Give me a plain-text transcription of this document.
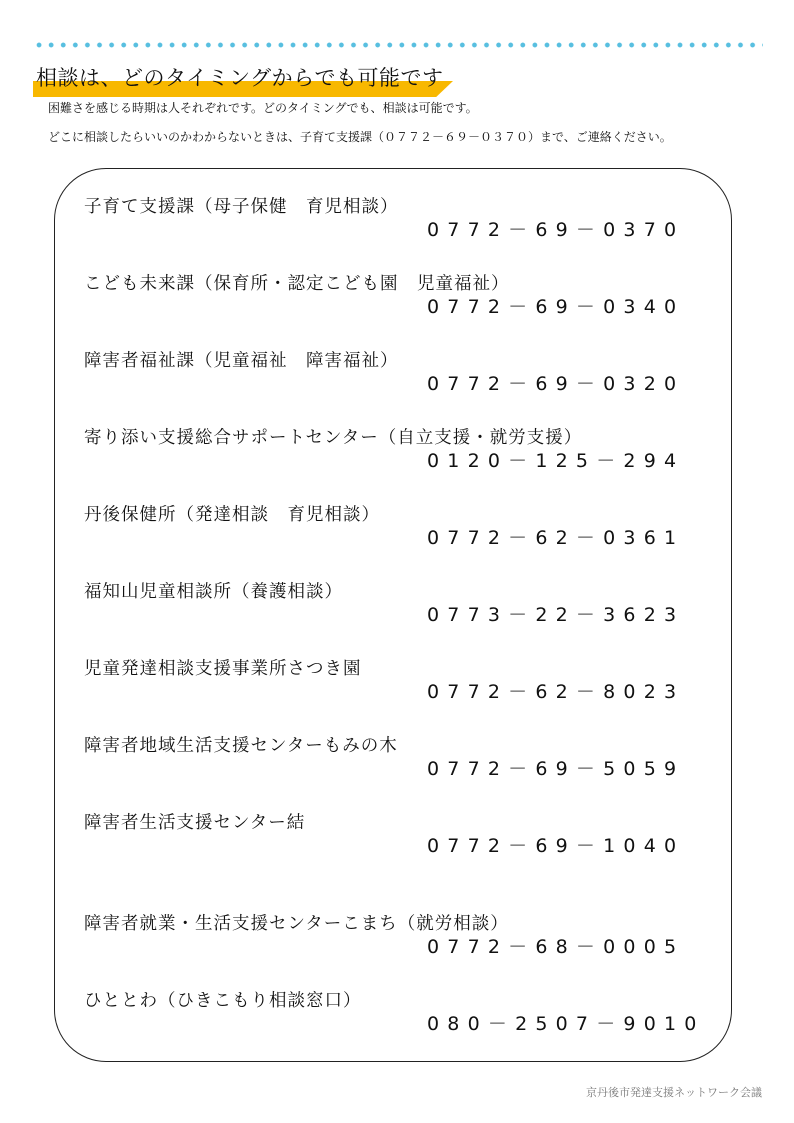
相談は、どのタイミングからでも可能です
困難さを感じる時期は人それぞれです。どのタイミングでも、相談は可能です。
どこに相談したらいいのかわからないときは、子育て支援課（０７７２－６９－０３７０）まで、ご連絡ください。
子育て支援課（母子保健　育児相談）
0772－69－0370
こども未来課（保育所・認定こども園　児童福祉）
0772－69－0340
障害者福祉課（児童福祉　障害福祉）
0772－69－0320
寄り添い支援総合サポートセンター（自立支援・就労支援）
0120－125－294
丹後保健所（発達相談　育児相談）
0772－62－0361
福知山児童相談所（養護相談）
0773－22－3623
児童発達相談支援事業所さつき園
0772－62－8023
障害者地域生活支援センターもみの木
0772－69－5059
障害者生活支援センター結
0772－69－1040
障害者就業・生活支援センターこまち（就労相談）
0772－68－0005
ひととわ（ひきこもり相談窓口）
080－2507－9010
京丹後市発達支援ネットワーク会議
